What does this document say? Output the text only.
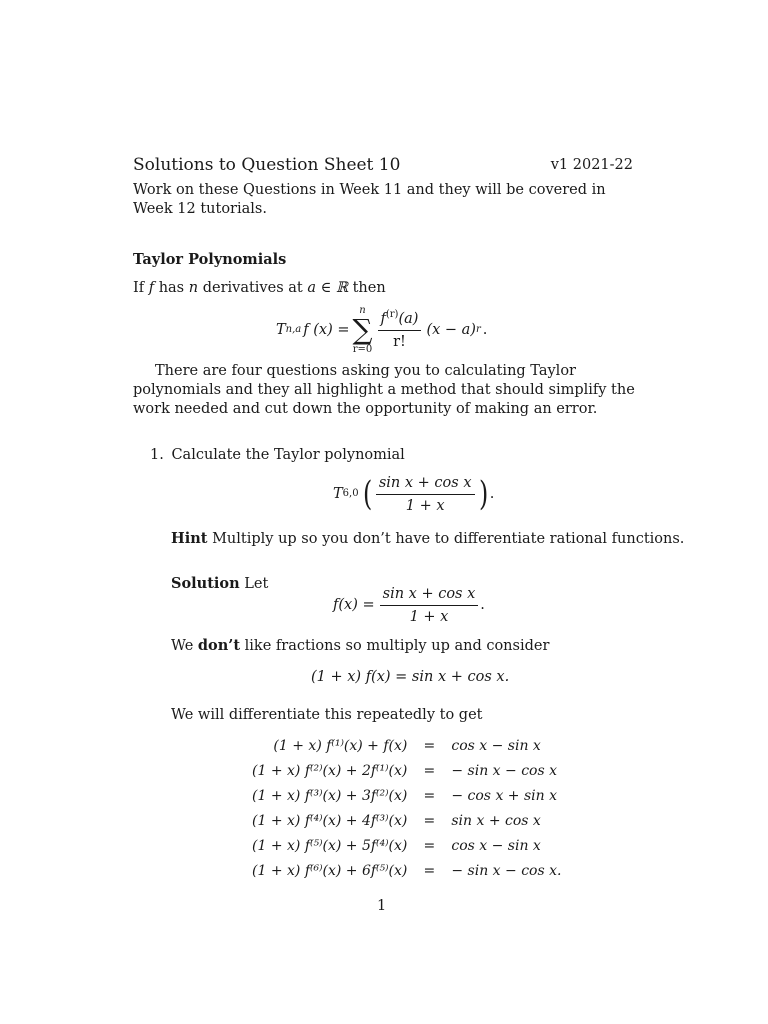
Solutions to Question Sheet 10	v1 2021-22
Work on these Questions in Week 11 and they will be covered in Week 12 tutorials.
Taylor Polynomials
If f has n derivatives at a ∈ ℝ then
T n,a f (x) =
n
∑
$r=0 \frac{f^{(r)}(a)}{r!} (x - a)$ r .
There are four questions asking you to calculating Taylor polynomials and they all highlight a method that should simplify the work needed and cut down the opportunity of making an error.
1. Calculate the Taylor polynomial
T 6,0 ( $\frac{\text{sin x + cos x}}{1 + x}$ ) .
Hint Multiply up so you don’t have to differentiate rational functions.
Solution Let
$f(x) = \frac{\text{sin x + cos x}}{1 + x}$ .
We don’t like fractions so multiply up and consider
(1 + x) f(x) = sin x + cos x.
We will differentiate this repeatedly to get
(1 + x) f⁽¹⁾(x) + f(x)	=	cos x − sin x
(1 + x) f⁽²⁾(x) + 2f⁽¹⁾(x)	=	− sin x − cos x
(1 + x) f⁽³⁾(x) + 3f⁽²⁾(x)	=	− cos x + sin x
(1 + x) f⁽⁴⁾(x) + 4f⁽³⁾(x)	=	sin x + cos x
(1 + x) f⁽⁵⁾(x) + 5f⁽⁴⁾(x)	=	cos x − sin x
(1 + x) f⁽⁶⁾(x) + 6f⁽⁵⁾(x)	=	− sin x − cos x.
1
